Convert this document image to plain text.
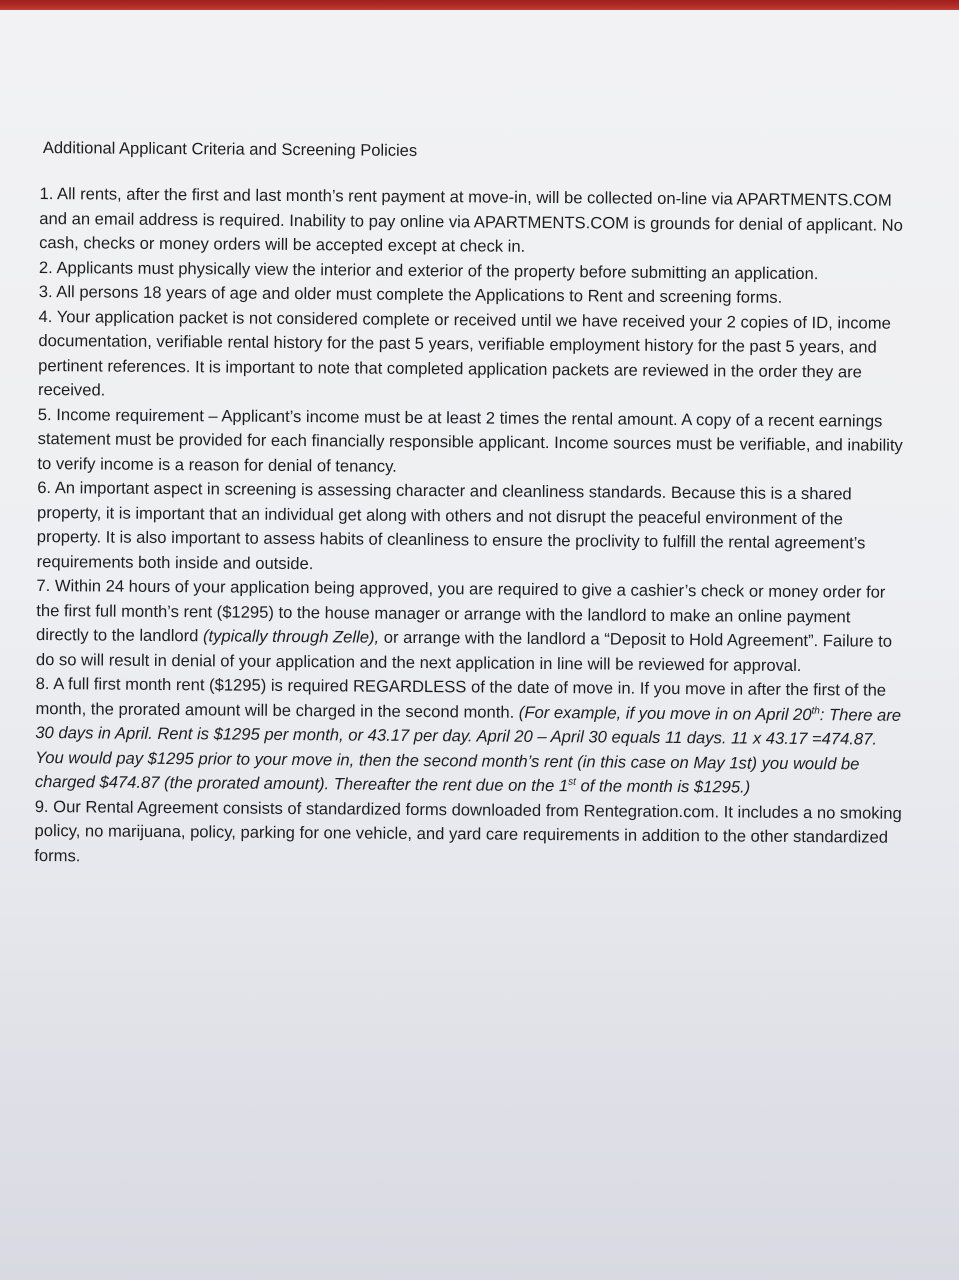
Additional Applicant Criteria and Screening Policies

1. All rents, after the first and last month’s rent payment at move-in, will be collected on-line via APARTMENTS.COM and an email address is required. Inability to pay online via APARTMENTS.COM is grounds for denial of applicant. No cash, checks or money orders will be accepted except at check in.

2. Applicants must physically view the interior and exterior of the property before submitting an application.

3. All persons 18 years of age and older must complete the Applications to Rent and screening forms.

4. Your application packet is not considered complete or received until we have received your 2 copies of ID, income documentation, verifiable rental history for the past 5 years, verifiable employment history for the past 5 years, and pertinent references. It is important to note that completed application packets are reviewed in the order they are received.

5. Income requirement – Applicant’s income must be at least 2 times the rental amount. A copy of a recent earnings statement must be provided for each financially responsible applicant. Income sources must be verifiable, and inability to verify income is a reason for denial of tenancy.

6. An important aspect in screening is assessing character and cleanliness standards. Because this is a shared property, it is important that an individual get along with others and not disrupt the peaceful environment of the property. It is also important to assess habits of cleanliness to ensure the proclivity to fulfill the rental agreement’s requirements both inside and outside.

7. Within 24 hours of your application being approved, you are required to give a cashier’s check or money order for the first full month’s rent ($1295) to the house manager or arrange with the landlord to make an online payment directly to the landlord (typically through Zelle), or arrange with the landlord a “Deposit to Hold Agreement”. Failure to do so will result in denial of your application and the next application in line will be reviewed for approval.

8. A full first month rent ($1295) is required REGARDLESS of the date of move in. If you move in after the first of the month, the prorated amount will be charged in the second month. (For example, if you move in on April 20th: There are 30 days in April. Rent is $1295 per month, or 43.17 per day. April 20 – April 30 equals 11 days. 11 x 43.17 =474.87. You would pay $1295 prior to your move in, then the second month’s rent (in this case on May 1st) you would be charged $474.87 (the prorated amount). Thereafter the rent due on the 1st of the month is $1295.)

9. Our Rental Agreement consists of standardized forms downloaded from Rentegration.com. It includes a no smoking policy, no marijuana, policy, parking for one vehicle, and yard care requirements in addition to the other standardized forms.
